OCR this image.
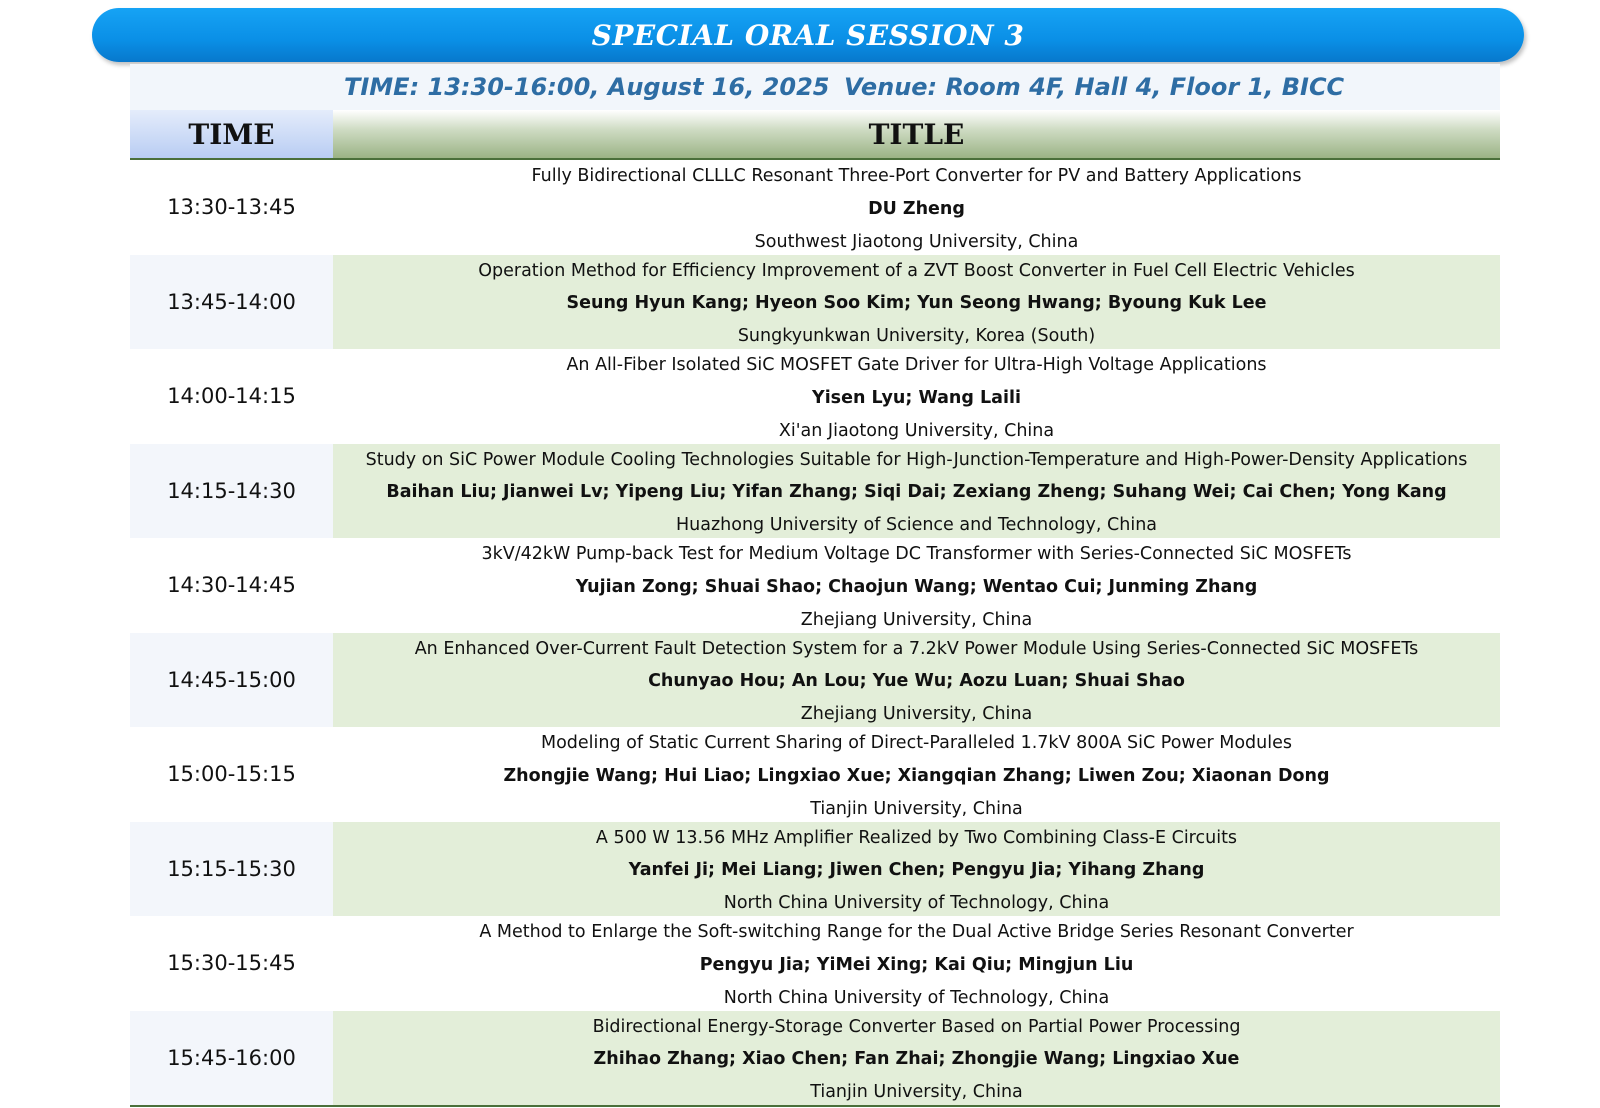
SPECIAL ORAL SESSION 3
TIME: 13:30-16:00, August 16, 2025 Venue: Room 4F, Hall 4, Floor 1, BICC
TIME	TITLE
13:30-13:45
Fully Bidirectional CLLLC Resonant Three-Port Converter for PV and Battery Applications
DU Zheng
Southwest Jiaotong University, China
13:45-14:00
Operation Method for Efficiency Improvement of a ZVT Boost Converter in Fuel Cell Electric Vehicles
Seung Hyun Kang; Hyeon Soo Kim; Yun Seong Hwang; Byoung Kuk Lee
Sungkyunkwan University, Korea (South)
14:00-14:15
An All-Fiber Isolated SiC MOSFET Gate Driver for Ultra-High Voltage Applications
Yisen Lyu; Wang Laili
Xi'an Jiaotong University, China
14:15-14:30
Study on SiC Power Module Cooling Technologies Suitable for High-Junction-Temperature and High-Power-Density Applications
Baihan Liu; Jianwei Lv; Yipeng Liu; Yifan Zhang; Siqi Dai; Zexiang Zheng; Suhang Wei; Cai Chen; Yong Kang
Huazhong University of Science and Technology, China
14:30-14:45
3kV/42kW Pump-back Test for Medium Voltage DC Transformer with Series-Connected SiC MOSFETs
Yujian Zong; Shuai Shao; Chaojun Wang; Wentao Cui; Junming Zhang
Zhejiang University, China
14:45-15:00
An Enhanced Over-Current Fault Detection System for a 7.2kV Power Module Using Series-Connected SiC MOSFETs
Chunyao Hou; An Lou; Yue Wu; Aozu Luan; Shuai Shao
Zhejiang University, China
15:00-15:15
Modeling of Static Current Sharing of Direct-Paralleled 1.7kV 800A SiC Power Modules
Zhongjie Wang; Hui Liao; Lingxiao Xue; Xiangqian Zhang; Liwen Zou; Xiaonan Dong
Tianjin University, China
15:15-15:30
A 500 W 13.56 MHz Amplifier Realized by Two Combining Class-E Circuits
Yanfei Ji; Mei Liang; Jiwen Chen; Pengyu Jia; Yihang Zhang
North China University of Technology, China
15:30-15:45
A Method to Enlarge the Soft-switching Range for the Dual Active Bridge Series Resonant Converter
Pengyu Jia; YiMei Xing; Kai Qiu; Mingjun Liu
North China University of Technology, China
15:45-16:00
Bidirectional Energy-Storage Converter Based on Partial Power Processing
Zhihao Zhang; Xiao Chen; Fan Zhai; Zhongjie Wang; Lingxiao Xue
Tianjin University, China
